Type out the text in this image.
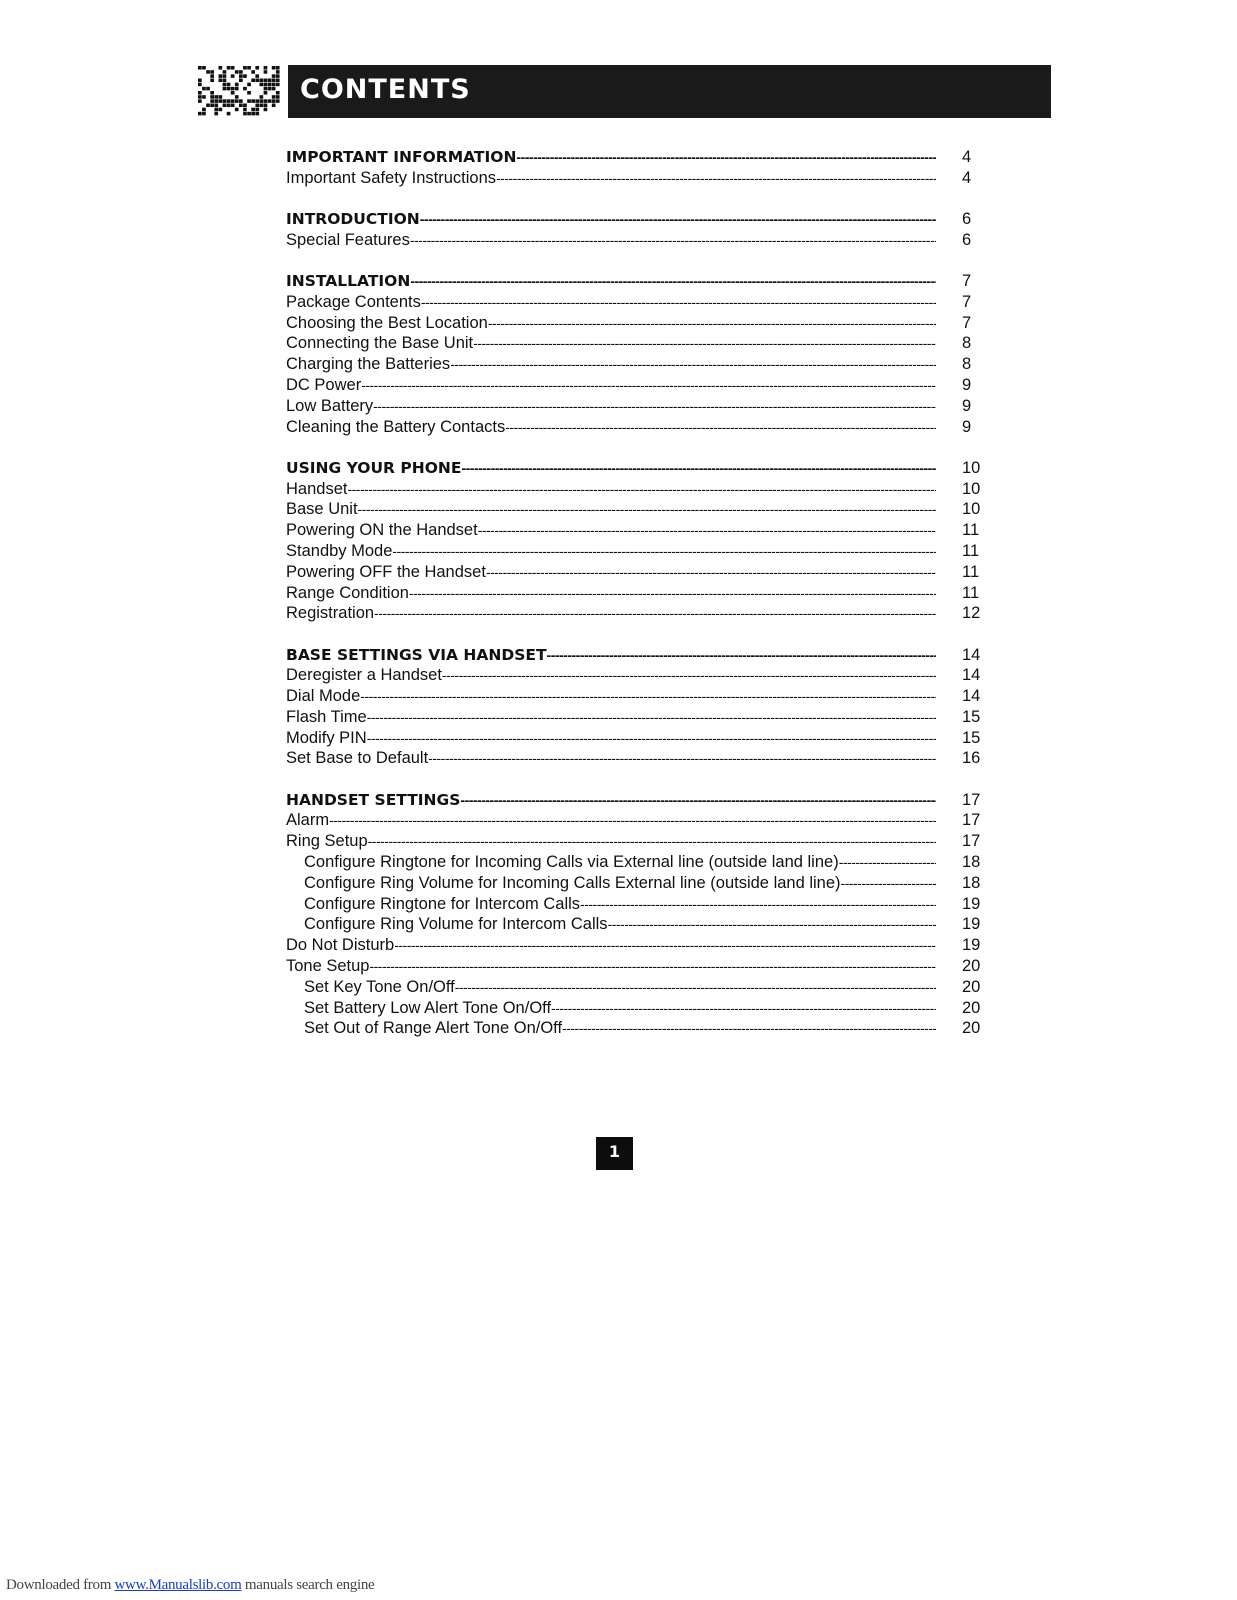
CONTENTS
IMPORTANT INFORMATION -----	4
Important Safety Instructions -----	4
INTRODUCTION -----	6
Special Features -----	6
INSTALLATION -----	7
Package Contents -----	7
Choosing the Best Location -----	7
Connecting the Base Unit -----	8
Charging the Batteries -----	8
DC Power -----	9
Low Battery -----	9
Cleaning the Battery Contacts -----	9
USING YOUR PHONE -----	10
Handset -----	10
Base Unit -----	10
Powering ON the Handset -----	11
Standby Mode -----	11
Powering OFF the Handset -----	11
Range Condition -----	11
Registration -----	12
BASE SETTINGS VIA HANDSET -----	14
Deregister a Handset -----	14
Dial Mode -----	14
Flash Time -----	15
Modify PIN -----	15
Set Base to Default -----	16
HANDSET SETTINGS -----	17
Alarm -----	17
Ring Setup -----	17
Configure Ringtone for Incoming Calls via External line (outside land line) -----	18
Configure Ring Volume for Incoming Calls External line (outside land line) -----	18
Configure Ringtone for Intercom Calls -----	19
Configure Ring Volume for Intercom Calls -----	19
Do Not Disturb -----	19
Tone Setup -----	20
Set Key Tone On/Off -----	20
Set Battery Low Alert Tone On/Off -----	20
Set Out of Range Alert Tone On/Off -----	20
1
Downloaded from www.Manualslib.com manuals search engine
